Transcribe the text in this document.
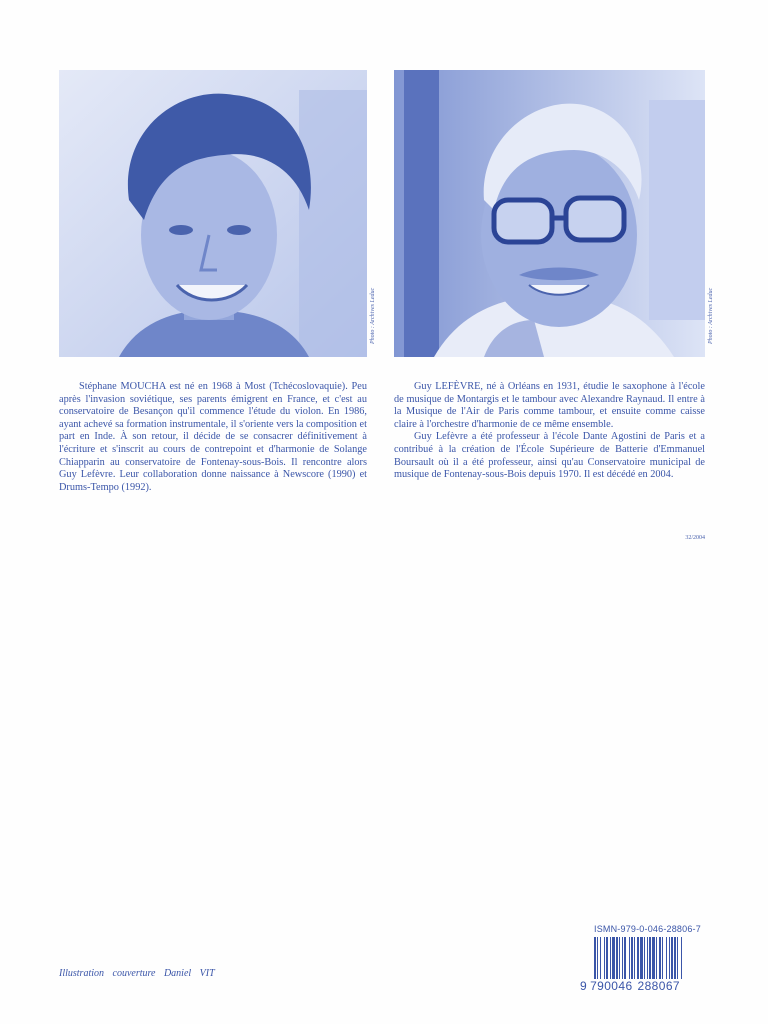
Photo : Archives Leduc	Photo : Archives Leduc

Stéphane MOUCHA est né en 1968 à Most (Tchécoslovaquie). Peu après l'invasion soviétique, ses parents émigrent en France, et c'est au conservatoire de Besançon qu'il commence l'étude du violon. En 1986, ayant achevé sa formation instrumentale, il s'oriente vers la composition et part en Inde. À son retour, il décide de se consacrer définitivement à l'écriture et s'inscrit au cours de contrepoint et d'harmonie de Solange Chiapparin au conservatoire de Fontenay-sous-Bois. Il rencontre alors Guy Lefèvre. Leur collaboration donne naissance à Newscore (1990) et Drums-Tempo (1992).

Guy LEFÈVRE, né à Orléans en 1931, étudie le saxophone à l'école de musique de Montargis et le tambour avec Alexandre Raynaud. Il entre à la Musique de l'Air de Paris comme tambour, et ensuite comme caisse claire à l'orchestre d'harmonie de ce même ensemble.

Guy Lefèvre a été professeur à l'école Dante Agostini de Paris et a contribué à la création de l'École Supérieure de Batterie d'Emmanuel Boursault où il a été professeur, ainsi qu'au Conservatoire municipal de musique de Fontenay-sous-Bois depuis 1970. Il est décédé en 2004.

32/2004
ISMN-979-0-046-28806-7
9 790046 288067
Illustration couverture Daniel VIT
